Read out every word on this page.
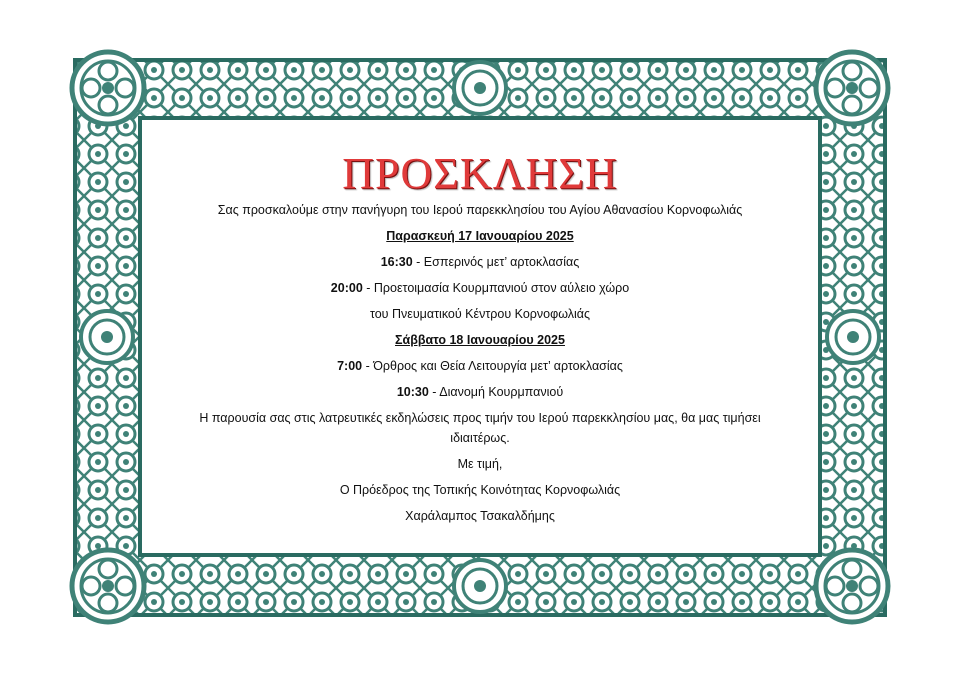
ΠΡΟΣΚΛΗΣΗ
Σας προσκαλούμε στην πανήγυρη του Ιερού παρεκκλησίου του Αγίου Αθανασίου Κορνοφωλιάς
Παρασκευή 17 Ιανουαρίου 2025
16:30 - Εσπερινός μετ’ αρτοκλασίας
20:00 - Προετοιμασία Κουρμπανιού στον αύλειο χώρο
του Πνευματικού Κέντρου Κορνοφωλιάς
Σάββατο 18 Ιανουαρίου 2025
7:00 - Όρθρος και Θεία Λειτουργία μετ’ αρτοκλασίας
10:30 - Διανομή Κουρμπανιού
Η παρουσία σας στις λατρευτικές εκδηλώσεις προς τιμήν του Ιερού παρεκκλησίου μας, θα μας τιμήσει
ιδιαιτέρως.
Με τιμή,
Ο Πρόεδρος της Τοπικής Κοινότητας Κορνοφωλιάς
Χαράλαμπος Τσακαλδήμης
